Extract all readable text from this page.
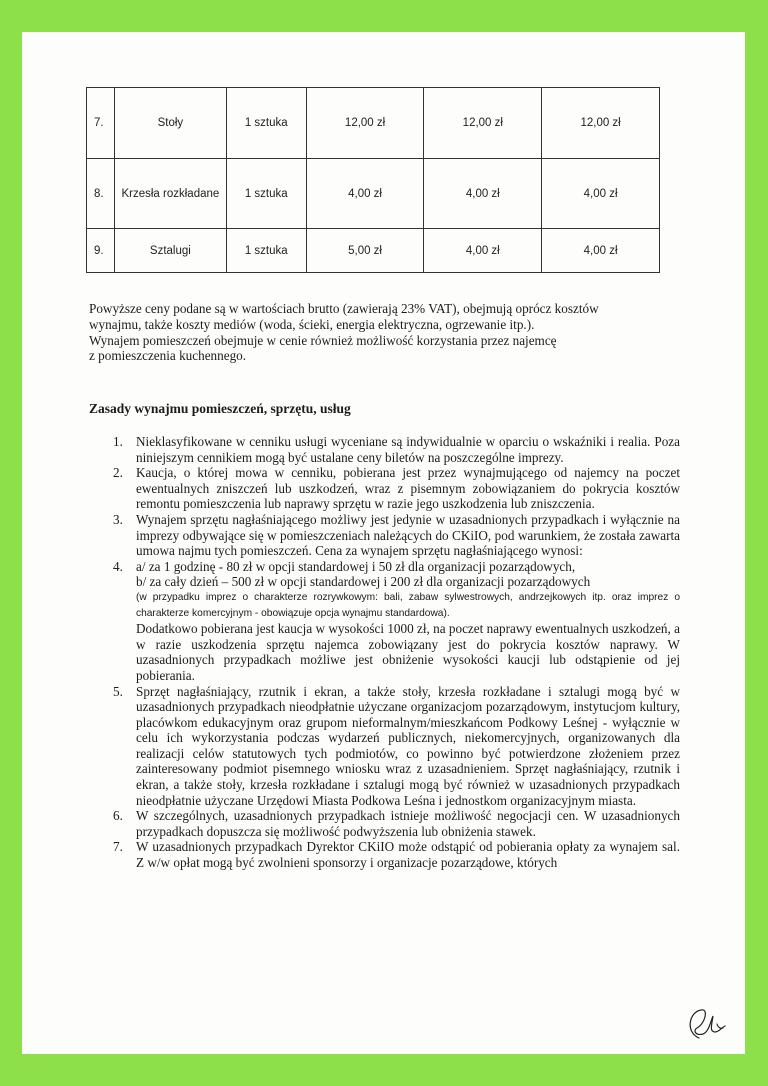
7.	Stoły	1 sztuka	12,00 zł	12,00 zł	12,00 zł
8.	Krzesła rozkładane	1 sztuka	4,00 zł	4,00 zł	4,00 zł
9.	Sztalugi	1 sztuka	5,00 zł	4,00 zł	4,00 zł

Powyższe ceny podane są w wartościach brutto (zawierają 23% VAT), obejmują oprócz kosztów

wynajmu, także koszty mediów (woda, ścieki, energia elektryczna, ogrzewanie itp.).

Wynajem pomieszczeń obejmuje w cenie również możliwość korzystania przez najemcę

z pomieszczenia kuchennego.

Zasady wynajmu pomieszczeń, sprzętu, usług
1. Nieklasyfikowane w cenniku usługi wyceniane są indywidualnie w oparciu o wskaźniki i realia. Poza niniejszym cennikiem mogą być ustalane ceny biletów na poszczególne imprezy.
2. Kaucja, o której mowa w cenniku, pobierana jest przez wynajmującego od najemcy na poczet ewentualnych zniszczeń lub uszkodzeń, wraz z pisemnym zobowiązaniem do pokrycia kosztów remontu pomieszczenia lub naprawy sprzętu w razie jego uszkodzenia lub zniszczenia.
3. Wynajem sprzętu nagłaśniającego możliwy jest jedynie w uzasadnionych przypadkach i wyłącznie na imprezy odbywające się w pomieszczeniach należących do CKiIO, pod warunkiem, że została zawarta umowa najmu tych pomieszczeń. Cena za wynajem sprzętu nagłaśniającego wynosi:
4. a/ za 1 godzinę - 80 zł w opcji standardowej i 50 zł dla organizacji pozarządowych,
b/ za cały dzień – 500 zł w opcji standardowej i 200 zł dla organizacji pozarządowych
(w przypadku imprez o charakterze rozrywkowym: bali, zabaw sylwestrowych, andrzejkowych itp. oraz imprez o charakterze komercyjnym - obowiązuje opcja wynajmu standardowa).
Dodatkowo pobierana jest kaucja w wysokości 1000 zł, na poczet naprawy ewentualnych uszkodzeń, a w razie uszkodzenia sprzętu najemca zobowiązany jest do pokrycia kosztów naprawy. W uzasadnionych przypadkach możliwe jest obniżenie wysokości kaucji lub odstąpienie od jej pobierania.
5. Sprzęt nagłaśniający, rzutnik i ekran, a także stoły, krzesła rozkładane i sztalugi mogą być w uzasadnionych przypadkach nieodpłatnie użyczane organizacjom pozarządowym, instytucjom kultury, placówkom edukacyjnym oraz grupom nieformalnym/mieszkańcom Podkowy Leśnej - wyłącznie w celu ich wykorzystania podczas wydarzeń publicznych, niekomercyjnych, organizowanych dla realizacji celów statutowych tych podmiotów, co powinno być potwierdzone złożeniem przez zainteresowany podmiot pisemnego wniosku wraz z uzasadnieniem. Sprzęt nagłaśniający, rzutnik i ekran, a także stoły, krzesła rozkładane i sztalugi mogą być również w uzasadnionych przypadkach nieodpłatnie użyczane Urzędowi Miasta Podkowa Leśna i jednostkom organizacyjnym miasta.
6. W szczególnych, uzasadnionych przypadkach istnieje możliwość negocjacji cen. W uzasadnionych przypadkach dopuszcza się możliwość podwyższenia lub obniżenia stawek.
7. W uzasadnionych przypadkach Dyrektor CKiIO może odstąpić od pobierania opłaty za wynajem sal. Z w/w opłat mogą być zwolnieni sponsorzy i organizacje pozarządowe, których
